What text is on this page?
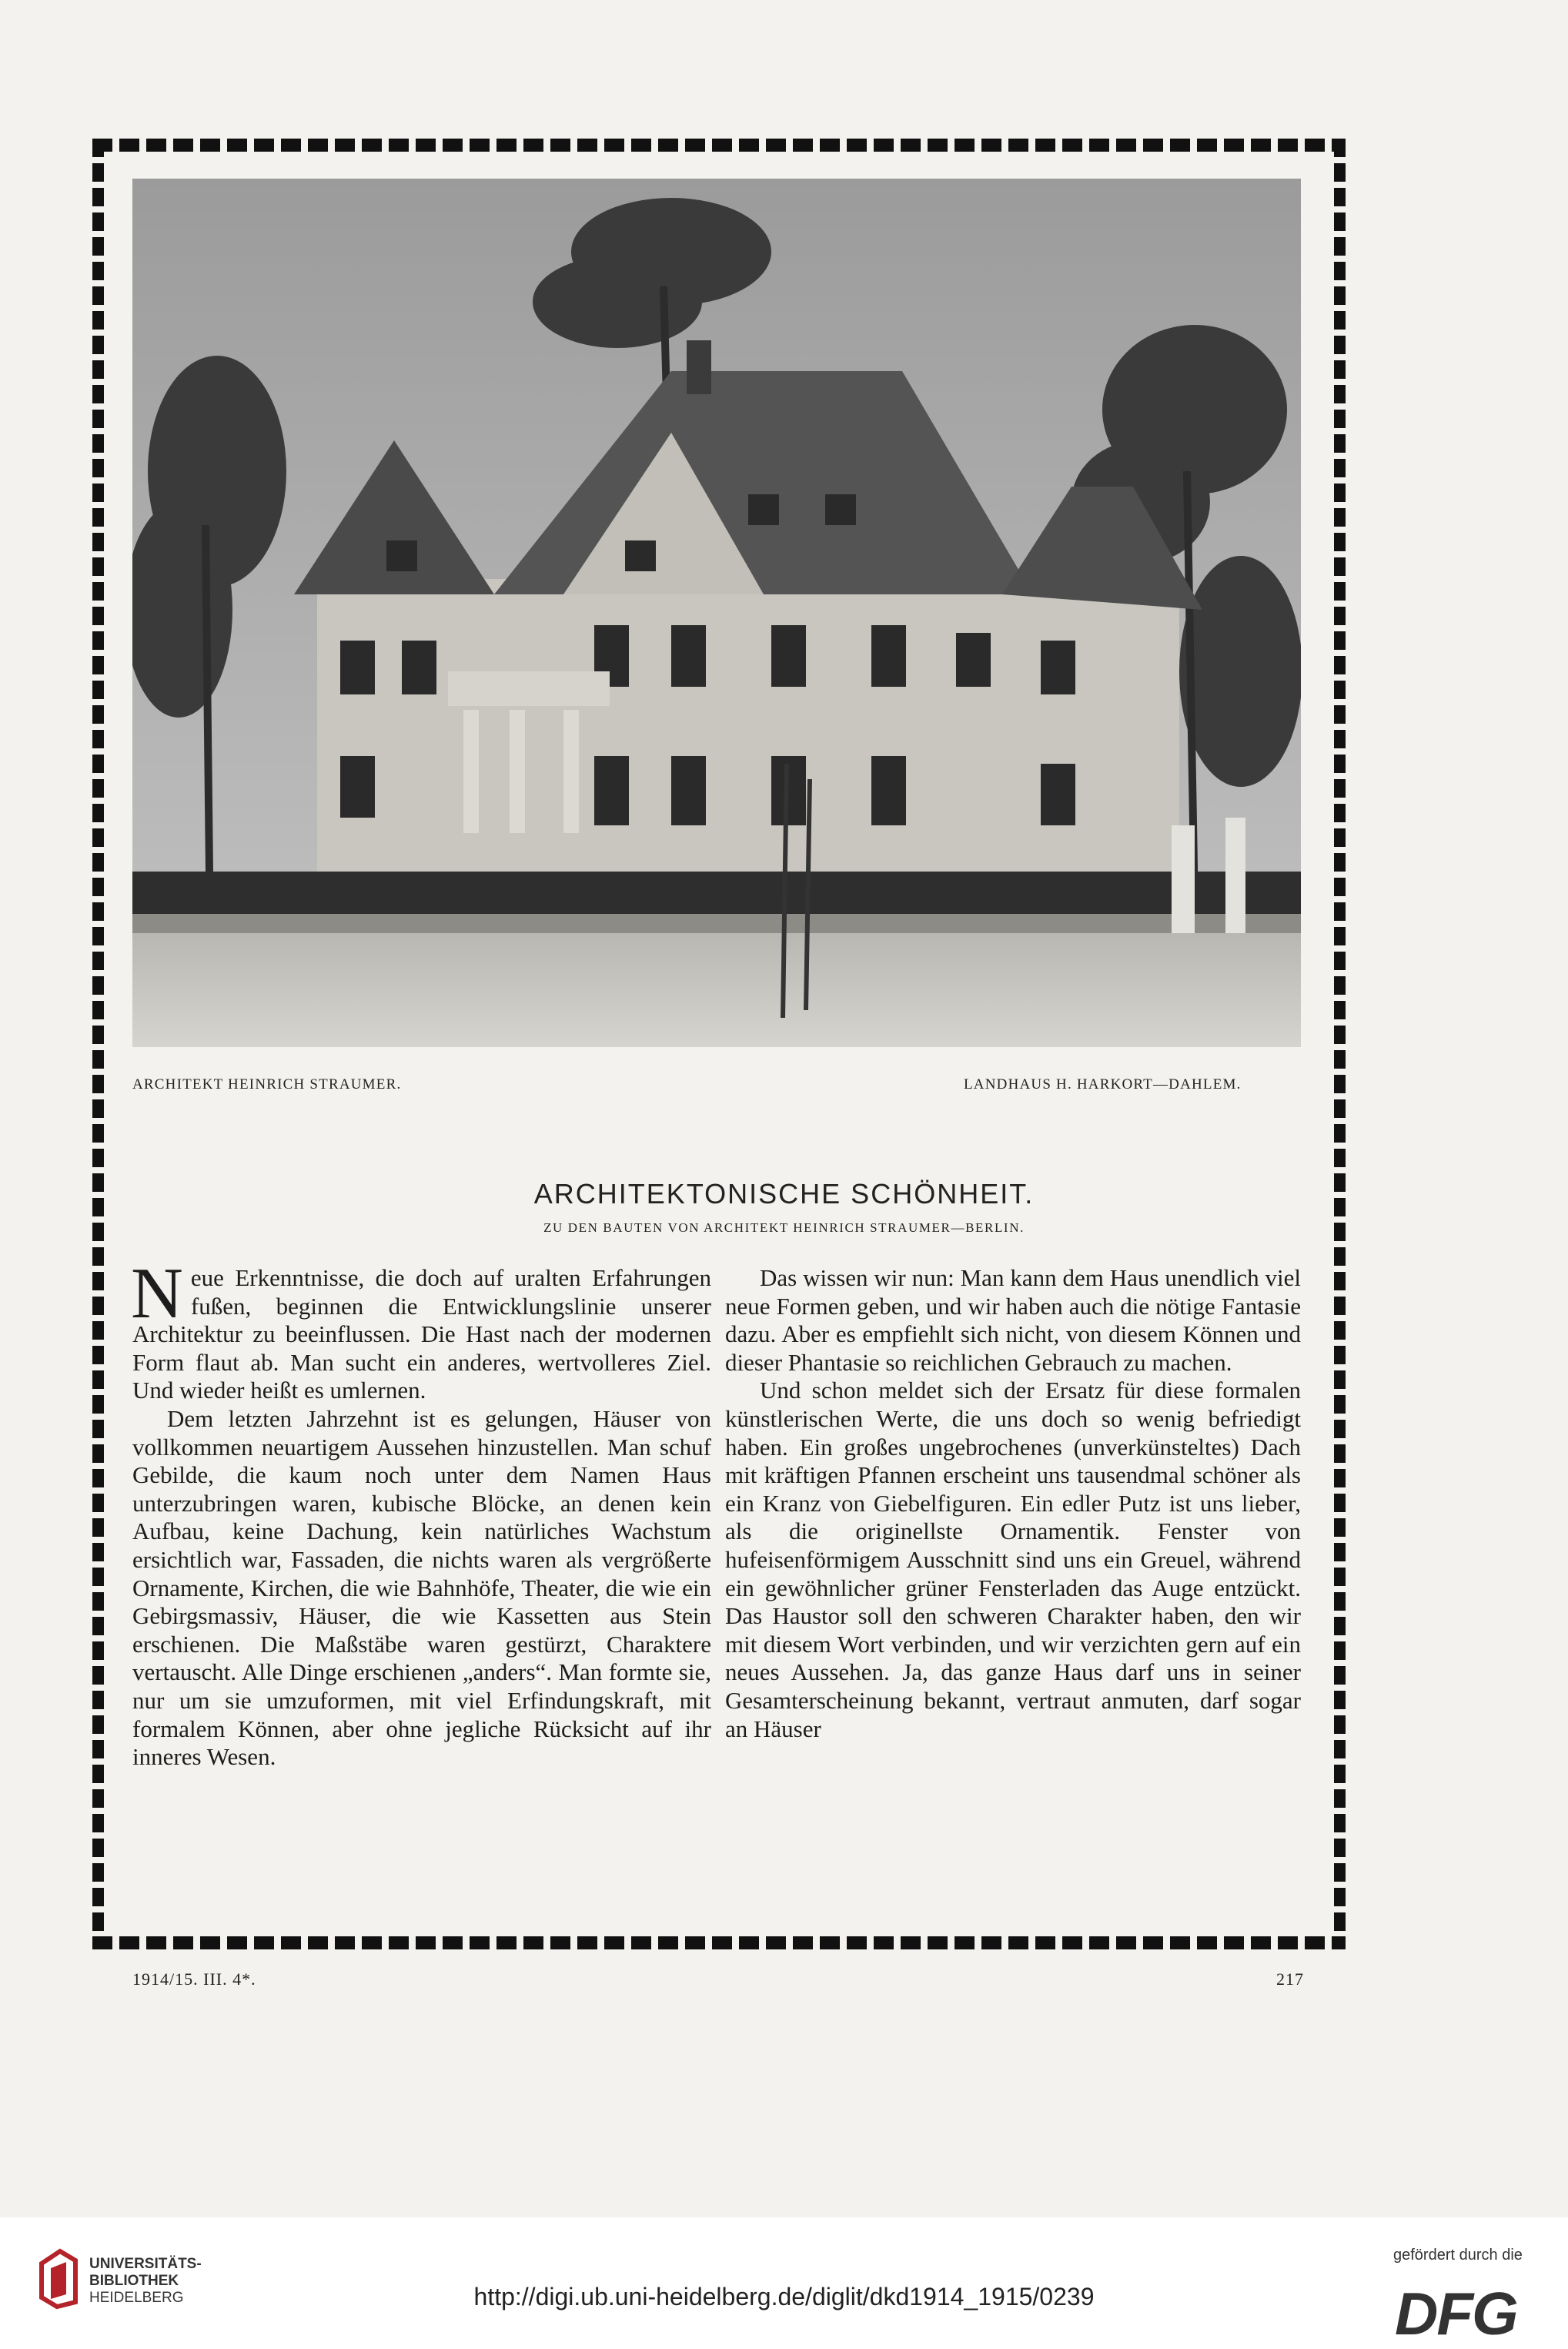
ARCHITEKT HEINRICH STRAUMER.	LANDHAUS H. HARKORT—DAHLEM.
ARCHITEKTONISCHE SCHÖNHEIT.
ZU DEN BAUTEN VON ARCHITEKT HEINRICH STRAUMER—BERLIN.

Neue Erkenntnisse, die doch auf uralten Erfahrungen fußen, beginnen die Entwicklungslinie unserer Architektur zu beeinflussen. Die Hast nach der modernen Form flaut ab. Man sucht ein anderes, wertvolleres Ziel. Und wieder heißt es umlernen.

Dem letzten Jahrzehnt ist es gelungen, Häuser von vollkommen neuartigem Aussehen hinzustellen. Man schuf Gebilde, die kaum noch unter dem Namen Haus unterzubringen waren, kubische Blöcke, an denen kein Aufbau, keine Dachung, kein natürliches Wachstum ersichtlich war, Fassaden, die nichts waren als vergrößerte Ornamente, Kirchen, die wie Bahnhöfe, Theater, die wie ein Gebirgsmassiv, Häuser, die wie Kassetten aus Stein erschienen. Die Maßstäbe waren gestürzt, Charaktere vertauscht. Alle Dinge erschienen „anders“. Man formte sie, nur um sie umzuformen, mit viel Erfindungskraft, mit formalem Können, aber ohne jegliche Rücksicht auf ihr inneres Wesen.

Das wissen wir nun: Man kann dem Haus unendlich viel neue Formen geben, und wir haben auch die nötige Fantasie dazu. Aber es empfiehlt sich nicht, von diesem Können und dieser Phantasie so reichlichen Gebrauch zu machen.

Und schon meldet sich der Ersatz für diese formalen künstlerischen Werte, die uns doch so wenig befriedigt haben. Ein großes ungebrochenes (unverkünsteltes) Dach mit kräftigen Pfannen erscheint uns tausendmal schöner als ein Kranz von Giebelfiguren. Ein edler Putz ist uns lieber, als die originellste Ornamentik. Fenster von hufeisenförmigem Ausschnitt sind uns ein Greuel, während ein gewöhnlicher grüner Fensterladen das Auge entzückt. Das Haustor soll den schweren Charakter haben, den wir mit diesem Wort verbinden, und wir verzichten gern auf ein neues Aussehen. Ja, das ganze Haus darf uns in seiner Gesamterscheinung bekannt, vertraut anmuten, darf sogar an Häuser

1914/15. III. 4*.	217
UNIVERSITÄTS-
BIBLIOTHEK
HEIDELBERG	http://digi.ub.uni-heidelberg.de/diglit/dkd1914_1915/0239
gefördert durch die
DFG
